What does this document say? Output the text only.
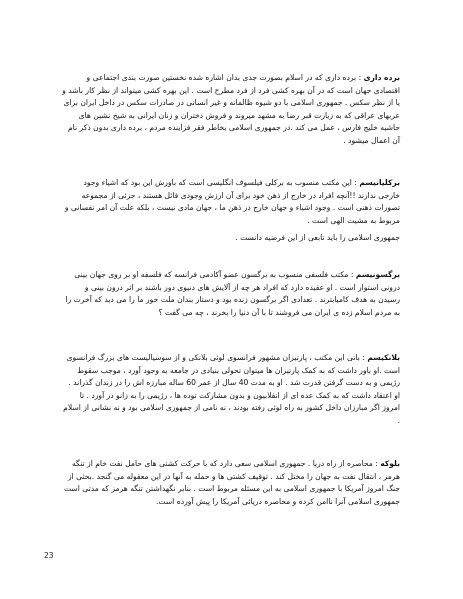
برده داری : برده داری که در اسلام بصورت جدی بدان اشاره شده نخستین صورت بندی اجتماعی و اقتصادی جهان است که در آن بهره کشی فرد از فرد مطرح است . این بهره کشی میتواند از نظر کار باشد و یا از نظر سکس . جمهوری اسلامی با دو شیوه ظالمانه و غیر انسانی در صادرات سکس در داخل ایران برای عربهای عراقی که به زیارت قبر رضا به مشهد میروند و فروش دختران و زنان ایرانی به شیخ نشین های حاشیه خلیج فارس ، عمل می کند .در جمهوری اسلامی بخاطر فقر فزاینده مردم ، برده داری بدون ذکر نام آن اعمال میشود .

برکلیانیسم : این مکتب منسوب به برکلی فیلسوف انگلیسی است که باورش این بود که اشیاء وجود خارجی ندارند !!آنچه افراد در خارج از ذهن خود برای آن ارزش وجودی قائل هستند ، جزئی از مجموعه تصورات ذهنی است . وجود اشیاء و جهان خارج در ذهن ما ، جهان مادی نیست ، بلکه علت آن امر نفسانی و مربوط به مشیت الهی است .

جمهوری اسلامی را باید تابعی از این فرضیه دانست .

برگسونیسم : مکتب فلسفی منسوب به برگسون عضو آکادمی فرانسه که فلسفه او بر روی جهان بینی درونی استوار است . او عقیده دارد که افراد هر چه از آلایش های دنیوی دور باشند بر اثر درون بینی و رسیدن به هدف کامیابترند . تعدادی اگر برگسون زنده بود و دستار بندان ملت خور ما را می دید که آخرت را به مردم اسلام زده ی ایران می فروشند تا با آن دنیا را بخرند ، چه می گفت ؟

بلانکیسم : بانی این مکتب ، پارتیزان مشهور فرانسوی لوئی بلانکی و از سوسیالیست های بزرگ فرانسوی است .او باور داشت که به کمک پارتیزان ها میتوان تحولی بنیادی در جامعه به وجود آورد ، موجب سقوط رژیمی و به دست گرفتن قدرت شد . او به مدت 40 سال از عمر 60 ساله مبارزه اش را در زندان گذراند . او اعتقاد داشت که به کمک عده ای از انقلابیون و بدون مشارکت توده ها ، رژیمی را به زانو در آورد . تا امروز اگر مبارزان داخل کشور به راه لوئی رفته بودند ، نه نامی از جمهوری اسلامی بود و نه نشانی از اسلام .

بلوکه : محاصره از راه دریا . جمهوری اسلامی سعی دارد که با حرکت کشتی های حامل نفت خام از تنگه هرمز ، انتقال نفت به جهان را مختل کند . توقیف کشتی ها و حمله به آنها در این معقوله می گنجد .بحثی از جنگ امروز آمریکا با جمهوری اسلامی به این مسئله مربوط است . بنابر نگهداشتن تنگه هرمز که مدتی است جمهوری اسلامی آنرا ناامن کرده و محاصره دریائی آمریکا را پیش آورده است.

23
